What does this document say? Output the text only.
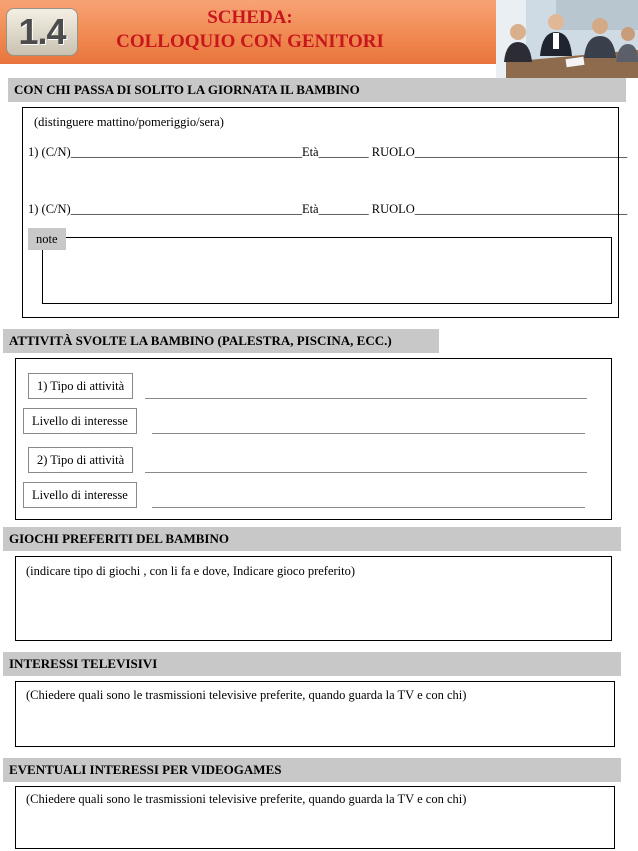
1.4	SCHEDA:
COLLOQUIO CON GENITORI
CON CHI PASSA DI SOLITO LA GIORNATA IL BAMBINO
(distinguere mattino/pomeriggio/sera)
1) (C/N)_____________________________________Età________ RUOLO__________________________________
1) (C/N)_____________________________________Età________ RUOLO__________________________________
note
ATTIVITÀ SVOLTE LA BAMBINO (PALESTRA, PISCINA, ECC.)
1) Tipo di attività
Livello di interesse
2) Tipo di attività
Livello di interesse
GIOCHI PREFERITI DEL BAMBINO
(indicare tipo di giochi , con li fa e dove, Indicare gioco preferito)
INTERESSI TELEVISIVI
(Chiedere quali sono le trasmissioni televisive preferite, quando guarda la TV e con chi)
EVENTUALI INTERESSI PER VIDEOGAMES
(Chiedere quali sono le trasmissioni televisive preferite, quando guarda la TV e con chi)
